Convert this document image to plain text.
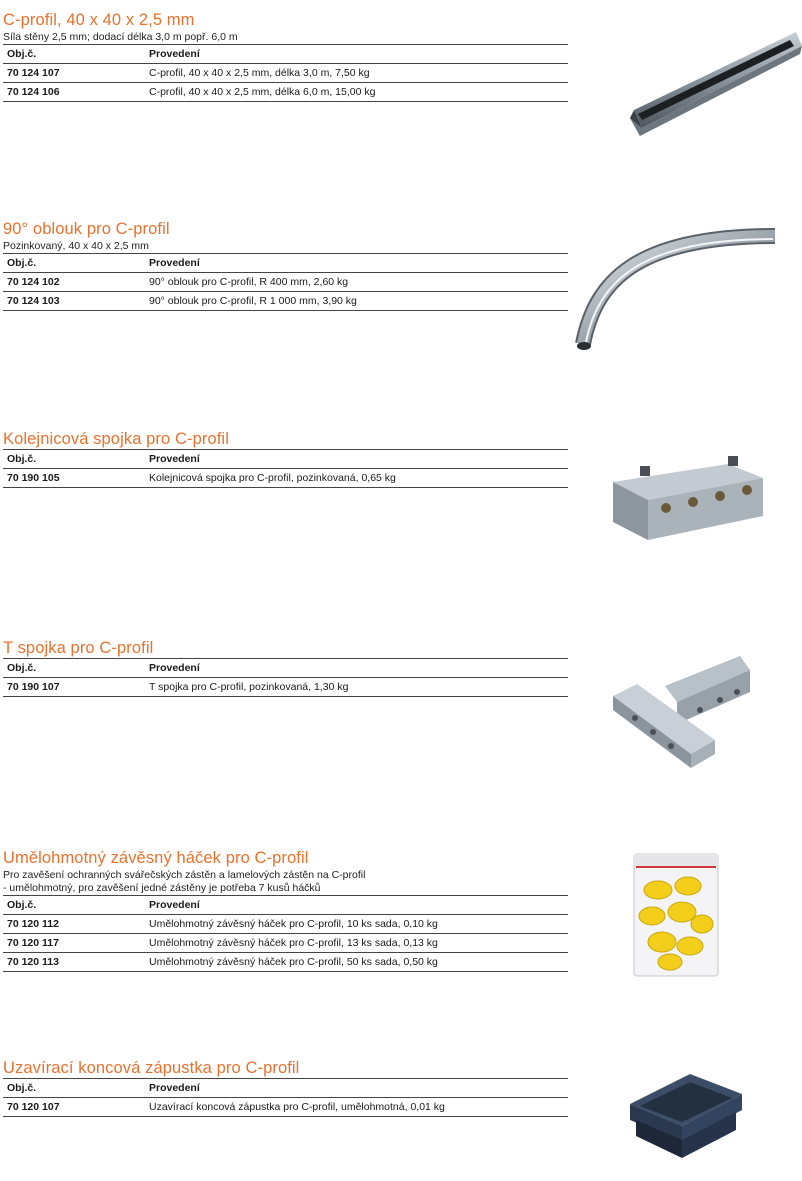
C-profil, 40 x 40 x 2,5 mm

Síla stěny 2,5 mm; dodací délka 3,0 m popř. 6,0 m

Obj.č.	Provedení
70 124 107	C-profil, 40 x 40 x 2,5 mm, délka 3,0 m, 7,50 kg
70 124 106	C-profil, 40 x 40 x 2,5 mm, délka 6,0 m, 15,00 kg
90° oblouk pro C-profil

Pozinkovaný, 40 x 40 x 2,5 mm

Obj.č.	Provedení
70 124 102	90° oblouk pro C-profil, R 400 mm, 2,60 kg
70 124 103	90° oblouk pro C-profil, R 1 000 mm, 3,90 kg
Kolejnicová spojka pro C-profil
Obj.č.	Provedení
70 190 105	Kolejnicová spojka pro C-profil, pozinkovaná, 0,65 kg
T spojka pro C-profil
Obj.č.	Provedení
70 190 107	T spojka pro C-profil, pozinkovaná, 1,30 kg
Umělohmotný závěsný háček pro C-profil

Pro zavěšení ochranných svářečských zástěn a lamelových zástěn na C-profil

- umělohmotný, pro zavěšení jedné zástěny je potřeba 7 kusů háčků

Obj.č.	Provedení
70 120 112	Umělohmotný závěsný háček pro C-profil, 10 ks sada, 0,10 kg
70 120 117	Umělohmotný závěsný háček pro C-profil, 13 ks sada, 0,13 kg
70 120 113	Umělohmotný závěsný háček pro C-profil, 50 ks sada, 0,50 kg
Uzavírací koncová zápustka pro C-profil
Obj.č.	Provedení
70 120 107	Uzavírací koncová zápustka pro C-profil, umělohmotná, 0,01 kg
